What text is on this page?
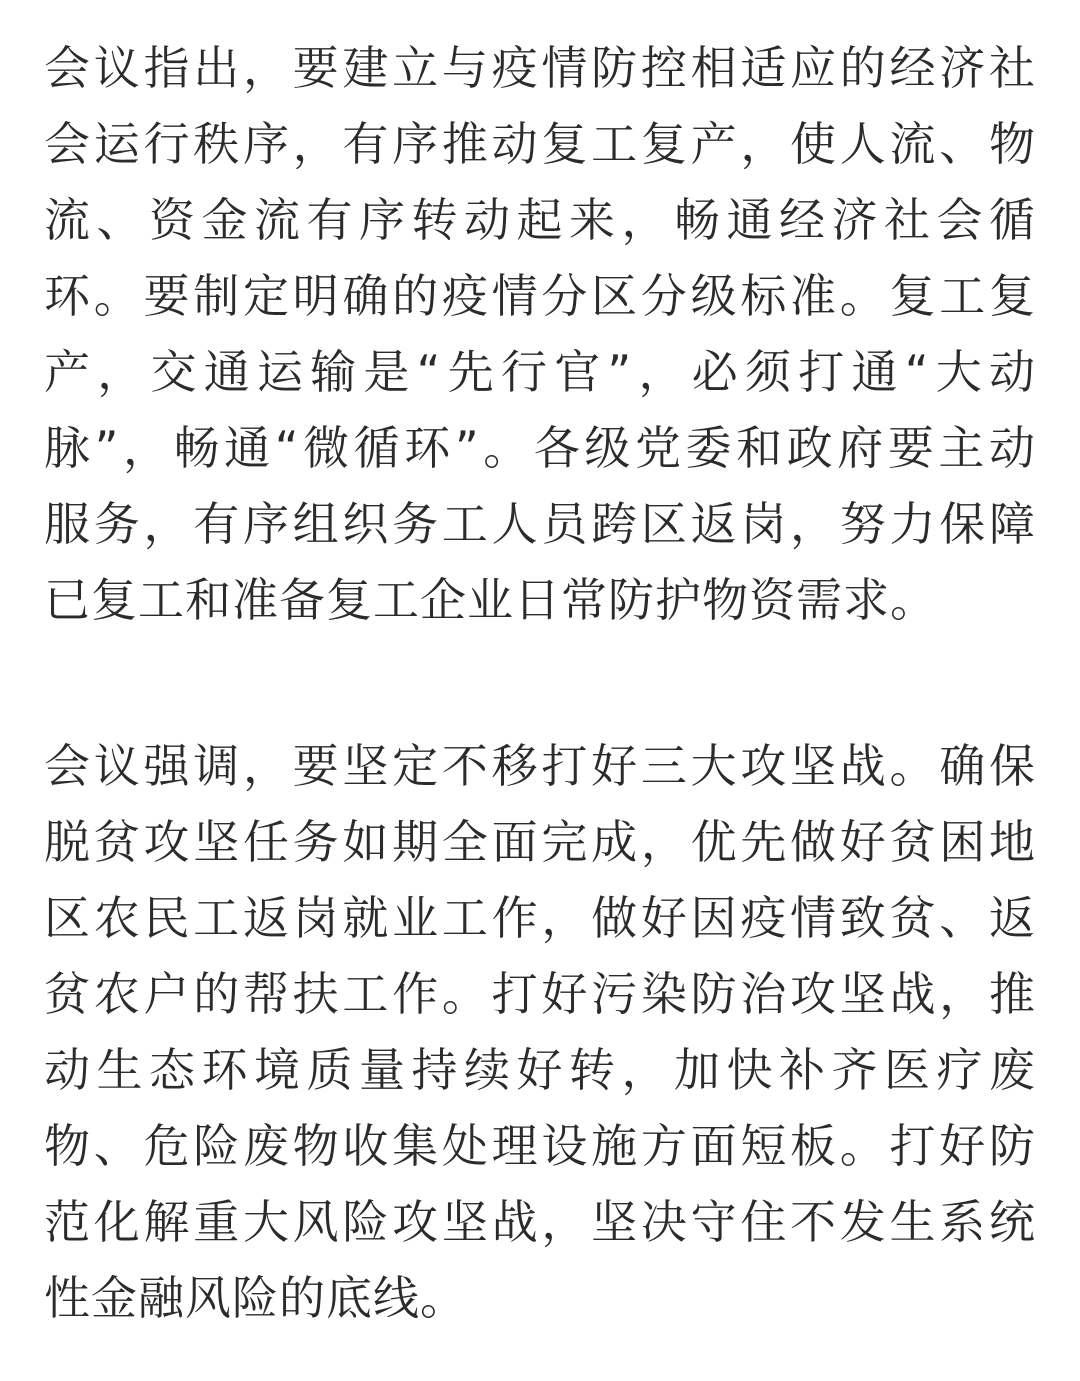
会议指出，要建立与疫情防控相适应的经济社
会运行秩序，有序推动复工复产，使人流、物
流、资金流有序转动起来，畅通经济社会循
环。要制定明确的疫情分区分级标准。复工复
产，交通运输是“先行官”，必须打通“大动
脉”，畅通“微循环”。各级党委和政府要主动
服务，有序组织务工人员跨区返岗，努力保障
已复工和准备复工企业日常防护物资需求。
会议强调，要坚定不移打好三大攻坚战。确保
脱贫攻坚任务如期全面完成，优先做好贫困地
区农民工返岗就业工作，做好因疫情致贫、返
贫农户的帮扶工作。打好污染防治攻坚战，推
动生态环境质量持续好转，加快补齐医疗废
物、危险废物收集处理设施方面短板。打好防
范化解重大风险攻坚战，坚决守住不发生系统
性金融风险的底线。
